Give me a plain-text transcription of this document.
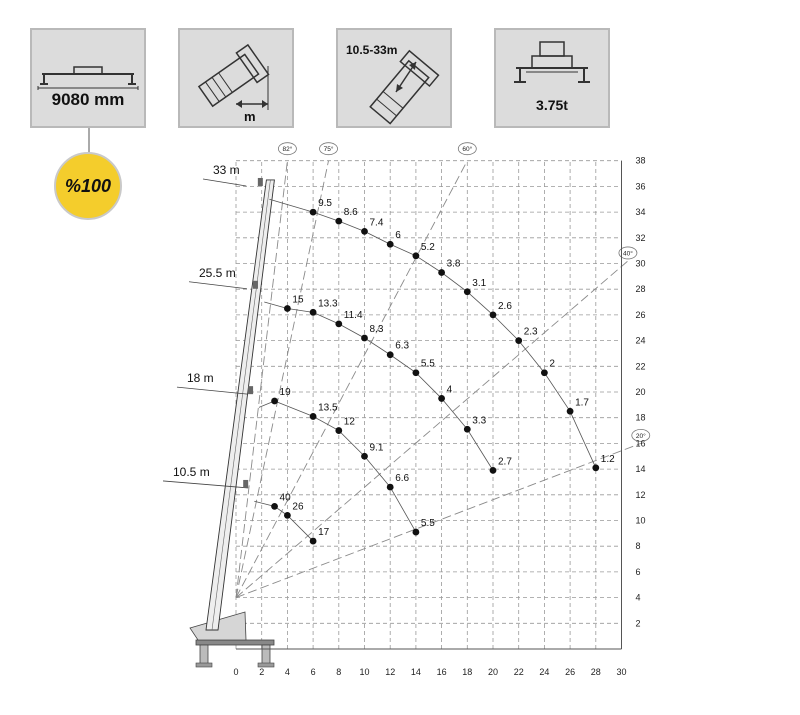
9080 mm
m
10.5-33m
3.75t
%100
82°	75°	60°
40°
20°
33 m
25.5 m
18 m
10.5 m
9.5
8.6
7.4
6
5.2
3.8
3.1
2.6
2.3
2
1.7
1.2
15 13.3
11.4
8.3
6.3
5.5
4
3.3
2.7
19
13.5
12
9.1
6.6
5.5
40
26
17
0 2 4 6 8 10 12 14 16 18 20 22 24 26 28 30
2
4
6
8
10
12
14
16
18
20
22
24
26
28
30
32
34
36
38
